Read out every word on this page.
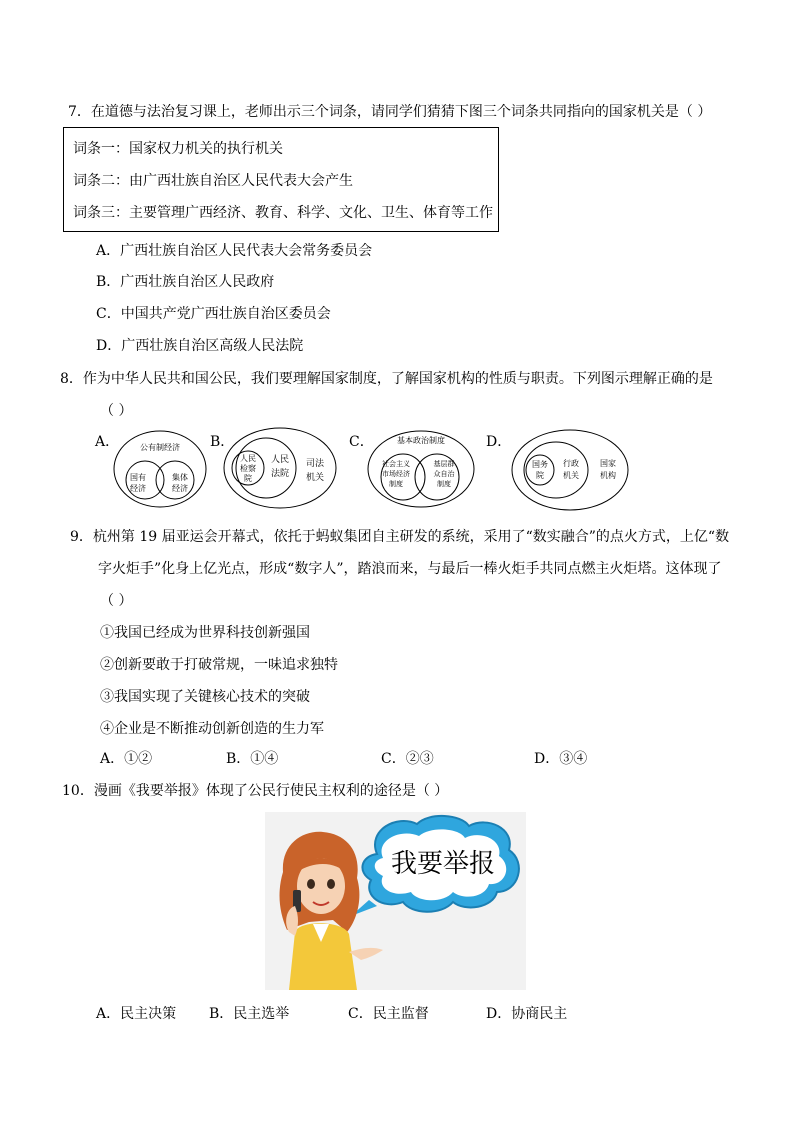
7．在道德与法治复习课上，老师出示三个词条，请同学们猜猜下图三个词条共同指向的国家机关是（ ）
词条一：国家权力机关的执行机关
词条二：由广西壮族自治区人民代表大会产生
词条三：主要管理广西经济、教育、科学、文化、卫生、体育等工作
A．广西壮族自治区人民代表大会常务委员会
B．广西壮族自治区人民政府
C．中国共产党广西壮族自治区委员会
D．广西壮族自治区高级人民法院
8．作为中华人民共和国公民，我们要理解国家制度，了解国家机构的性质与职责。下列图示理解正确的是
（ ）
A．	公有制经济
国有
经济
集体
经济
B．
人民
检察
院
人民
法院
司法
机关
C．	基本政治制度
社会主义
市场经济
制度
基层群
众自治
制度
D．
国务
院
行政
机关
国家
机构
9．杭州第 19 届亚运会开幕式，依托于蚂蚁集团自主研发的系统，采用了“数实融合”的点火方式，上亿“数
字火炬手”化身上亿光点，形成“数字人”，踏浪而来，与最后一棒火炬手共同点燃主火炬塔。这体现了
（ ）
①我国已经成为世界科技创新强国
②创新要敢于打破常规，一味追求独特
③我国实现了关键核心技术的突破
④企业是不断推动创新创造的生力军
A．①②	B．①④	C．②③	D．③④
10．漫画《我要举报》体现了公民行使民主权利的途径是（ ）
我要举报
A．民主决策 B．民主选举	C．民主监督	D．协商民主
